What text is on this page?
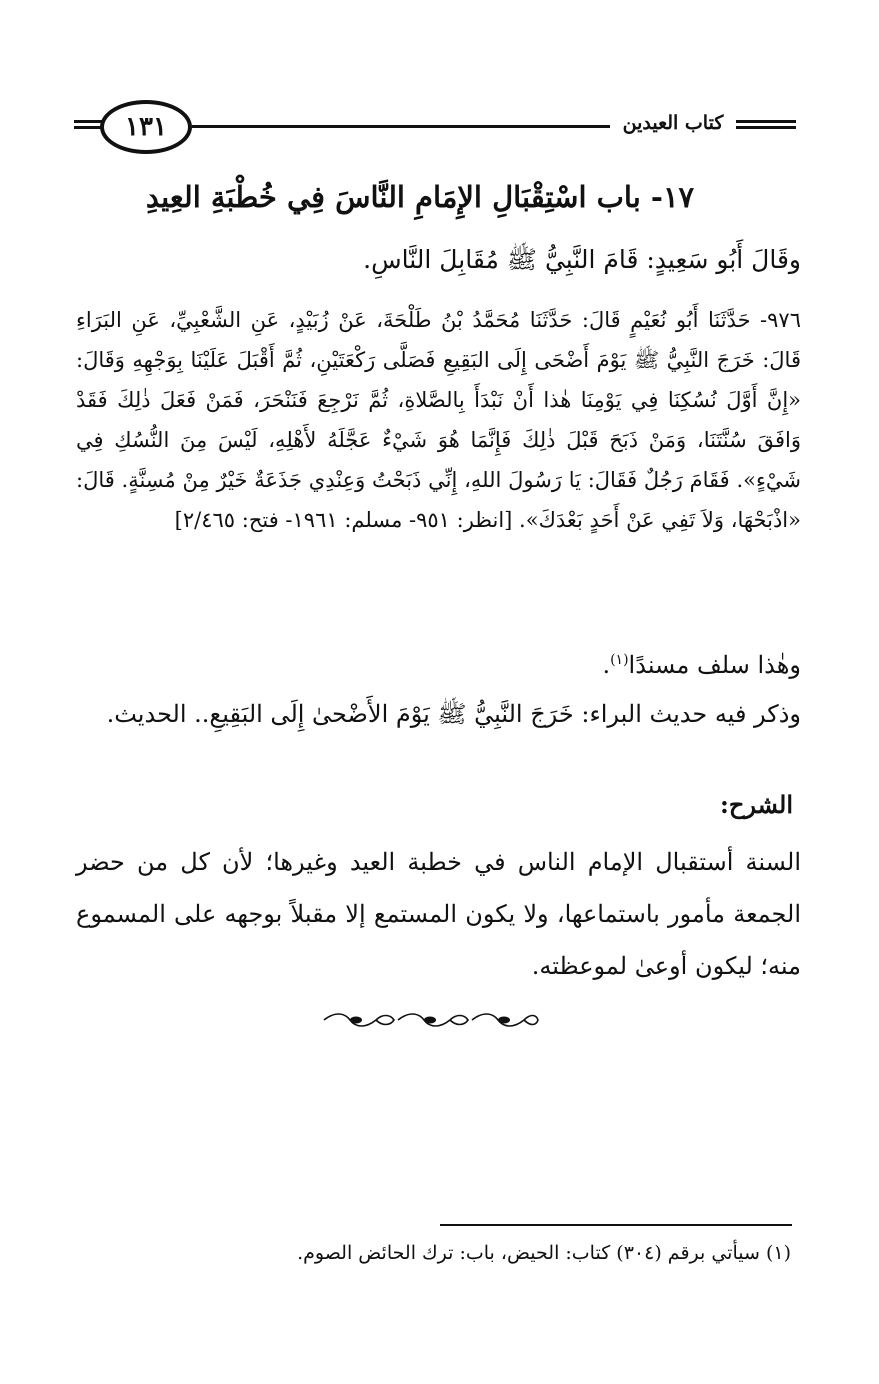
١٣١	كتاب العيدين
١٧- باب اسْتِقْبَالِ الإِمَامِ النَّاسَ فِي خُطْبَةِ العِيدِ
وقَالَ أَبُو سَعِيدٍ: قَامَ النَّبِيُّ ﷺ مُقَابِلَ النَّاسِ.
٩٧٦- حَدَّثَنَا أَبُو نُعَيْمٍ قَالَ: حَدَّثَنَا مُحَمَّدُ بْنُ طَلْحَةَ، عَنْ زُبَيْدٍ، عَنِ الشَّعْبِيِّ، عَنِ البَرَاءِ قَالَ: خَرَجَ النَّبِيُّ ﷺ يَوْمَ أَضْحَى إِلَى البَقِيعِ فَصَلَّى رَكْعَتَيْنِ، ثُمَّ أَقْبَلَ عَلَيْنَا بِوَجْهِهِ وَقَالَ: «إِنَّ أَوَّلَ نُسُكِنَا فِي يَوْمِنَا هٰذا أَنْ نَبْدَأَ بِالصَّلاةِ، ثُمَّ نَرْجِعَ فَنَنْحَرَ، فَمَنْ فَعَلَ ذٰلِكَ فَقَدْ وَافَقَ سُنَّتَنَا، وَمَنْ ذَبَحَ قَبْلَ ذٰلِكَ فَإِنَّمَا هُوَ شَيْءٌ عَجَّلَهُ لأَهْلِهِ، لَيْسَ مِنَ النُّسُكِ فِي شَيْءٍ». فَقَامَ رَجُلٌ فَقَالَ: يَا رَسُولَ اللهِ، إِنِّي ذَبَحْتُ وَعِنْدِي جَذَعَةٌ خَيْرٌ مِنْ مُسِنَّةٍ. قَالَ: «اذْبَحْهَا، وَلاَ تَفِي عَنْ أَحَدٍ بَعْدَكَ». [انظر: ٩٥١- مسلم: ١٩٦١- فتح: ٢/٤٦٥]
وهٰذا سلف مسندًا$^{(١)}$.
وذكر فيه حديث البراء: خَرَجَ النَّبِيُّ ﷺ يَوْمَ الأَضْحىٰ إِلَى البَقِيعِ.. الحديث.
الشرح:
السنة أستقبال الإمام الناس في خطبة العيد وغيرها؛ لأن كل من حضر الجمعة مأمور باستماعها، ولا يكون المستمع إلا مقبلاً بوجهه على المسموع منه؛ ليكون أوعىٰ لموعظته.
(١) سيأتي برقم (٣٠٤) كتاب: الحيض، باب: ترك الحائض الصوم.
